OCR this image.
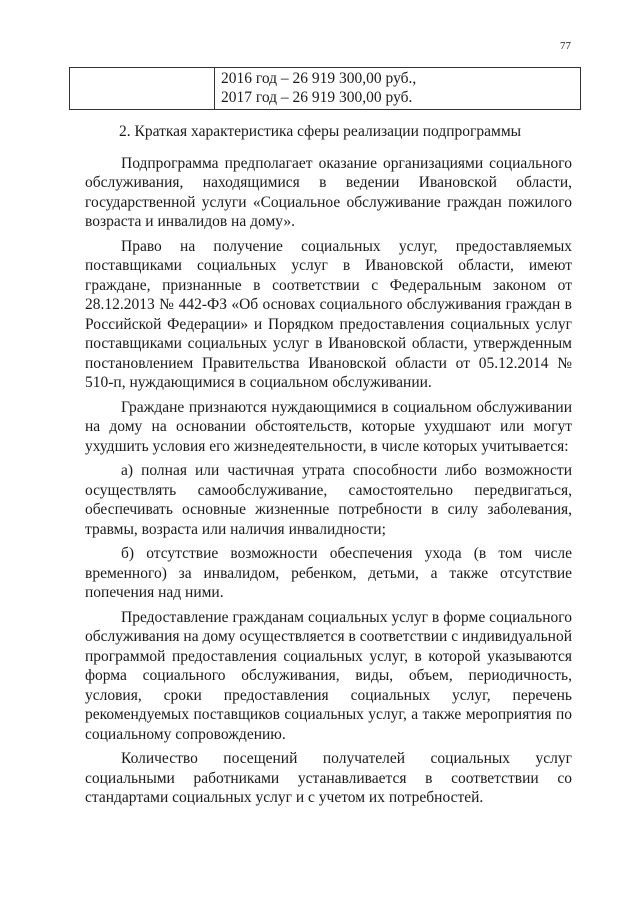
77

2016 год – 26 919 300,00 руб.,
2017 год – 26 919 300,00 руб.

2. Краткая характеристика сферы реализации подпрограммы

Подпрограмма предполагает оказание организациями социального обслуживания, находящимися в ведении Ивановской области, государственной услуги «Социальное обслуживание граждан пожилого возраста и инвалидов на дому».

Право на получение социальных услуг, предоставляемых поставщиками социальных услуг в Ивановской области, имеют граждане, признанные в соответствии с Федеральным законом от 28.12.2013 № 442-ФЗ «Об основах социального обслуживания граждан в Российской Федерации» и Порядком предоставления социальных услуг поставщиками социальных услуг в Ивановской области, утвержденным постановлением Правительства Ивановской области от 05.12.2014 № 510-п, нуждающимися в социальном обслуживании.

Граждане признаются нуждающимися в социальном обслуживании на дому на основании обстоятельств, которые ухудшают или могут ухудшить условия его жизнедеятельности, в числе которых учитывается:

а) полная или частичная утрата способности либо возможности осуществлять самообслуживание, самостоятельно передвигаться, обеспечивать основные жизненные потребности в силу заболевания, травмы, возраста или наличия инвалидности;

б) отсутствие возможности обеспечения ухода (в том числе временного) за инвалидом, ребенком, детьми, а также отсутствие попечения над ними.

Предоставление гражданам социальных услуг в форме социального обслуживания на дому осуществляется в соответствии с индивидуальной программой предоставления социальных услуг, в которой указываются форма социального обслуживания, виды, объем, периодичность, условия, сроки предоставления социальных услуг, перечень рекомендуемых поставщиков социальных услуг, а также мероприятия по социальному сопровождению.

Количество посещений получателей социальных услуг социальными работниками устанавливается в соответствии со стандартами социальных услуг и с учетом их потребностей.
